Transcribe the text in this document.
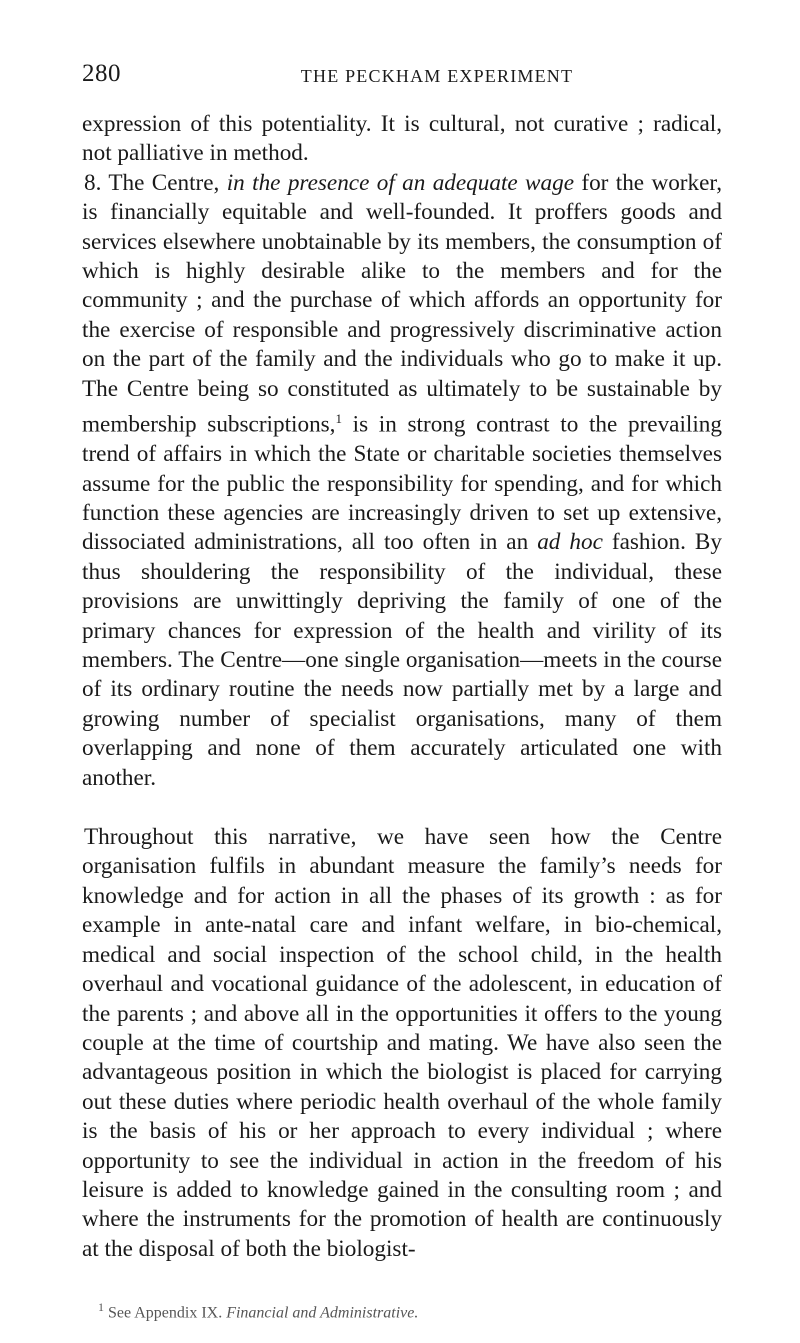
280	THE PECKHAM EXPERIMENT

expression of this potentiality. It is cultural, not curative ; radical, not palliative in method.

8. The Centre, in the presence of an adequate wage for the worker, is financially equitable and well-founded. It proffers goods and services elsewhere unobtainable by its members, the consumption of which is highly desirable alike to the members and for the community ; and the purchase of which affords an opportunity for the exercise of responsible and progressively discriminative action on the part of the family and the individuals who go to make it up. The Centre being so constituted as ultimately to be sustainable by membership subscriptions,$^1$ is in strong contrast to the prevailing trend of affairs in which the State or charitable societies themselves assume for the public the responsibility for spending, and for which function these agencies are increasingly driven to set up extensive, dissociated administrations, all too often in an ad hoc fashion. By thus shouldering the responsibility of the individual, these provisions are unwittingly depriving the family of one of the primary chances for expression of the health and virility of its members. The Centre—one single organisation—meets in the course of its ordinary routine the needs now partially met by a large and growing number of specialist organisations, many of them overlapping and none of them accurately articulated one with another.

Throughout this narrative, we have seen how the Centre organisation fulfils in abundant measure the family’s needs for knowledge and for action in all the phases of its growth : as for example in ante-natal care and infant welfare, in bio-chemical, medical and social inspection of the school child, in the health overhaul and vocational guidance of the adolescent, in education of the parents ; and above all in the opportunities it offers to the young couple at the time of courtship and mating. We have also seen the advantageous position in which the biologist is placed for carrying out these duties where periodic health overhaul of the whole family is the basis of his or her approach to every individual ; where opportunity to see the individual in action in the freedom of his leisure is added to knowledge gained in the consulting room ; and where the instruments for the promotion of health are continuously at the disposal of both the biologist-

$^1$ See Appendix IX. Financial and Administrative.
